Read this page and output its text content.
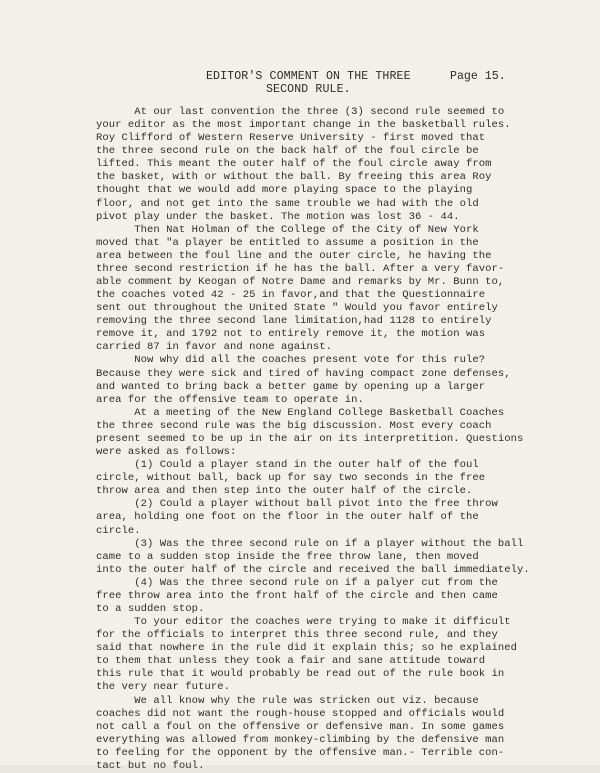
EDITOR'S COMMENT ON THE THREE
SECOND RULE.
Page 15.
At our last convention the three (3) second rule seemed to
your editor as the most important change in the basketball rules.
Roy Clifford of Western Reserve University - first moved that
the three second rule on the back half of the foul circle be
lifted. This meant the outer half of the foul circle away from
the basket, with or without the ball. By freeing this area Roy
thought that we would add more playing space to the playing
floor, and not get into the same trouble we had with the old
pivot play under the basket. The motion was lost 36 - 44.
Then Nat Holman of the College of the City of New York
moved that "a player be entitled to assume a position in the
area between the foul line and the outer circle, he having the
three second restriction if he has the ball. After a very favor-
able comment by Keogan of Notre Dame and remarks by Mr. Bunn to,
the coaches voted 42 - 25 in favor,and that the Questionnaire
sent out throughout the United State " Would you favor entirely
removing the three second lane limitation,had 1128 to entirely
remove it, and 1792 not to entirely remove it, the motion was
carried 87 in favor and none against.
Now why did all the coaches present vote for this rule?
Because they were sick and tired of having compact zone defenses,
and wanted to bring back a better game by opening up a larger
area for the offensive team to operate in.
At a meeting of the New England College Basketball Coaches
the three second rule was the big discussion. Most every coach
present seemed to be up in the air on its interpretition. Questions
were asked as follows:
(1) Could a player stand in the outer half of the foul
circle, without ball, back up for say two seconds in the free
throw area and then step into the outer half of the circle.
(2) Could a player without ball pivot into the free throw
area, holding one foot on the floor in the outer half of the
circle.
(3) Was the three second rule on if a player without the ball
came to a sudden stop inside the free throw lane, then moved
into the outer half of the circle and received the ball immediately.
(4) Was the three second rule on if a palyer cut from the
free throw area into the front half of the circle and then came
to a sudden stop.
To your editor the coaches were trying to make it difficult
for the officials to interpret this three second rule, and they
said that nowhere in the rule did it explain this; so he explained
to them that unless they took a fair and sane attitude toward
this rule that it would probably be read out of the rule book in
the very near future.
We all know why the rule was stricken out viz. because
coaches did not want the rough-house stopped and officials would
not call a foul on the offensive or defensive man. In some games
everything was allowed from monkey-climbing by the defensive man
to feeling for the opponent by the offensive man.- Terrible con-
tact but no foul.
